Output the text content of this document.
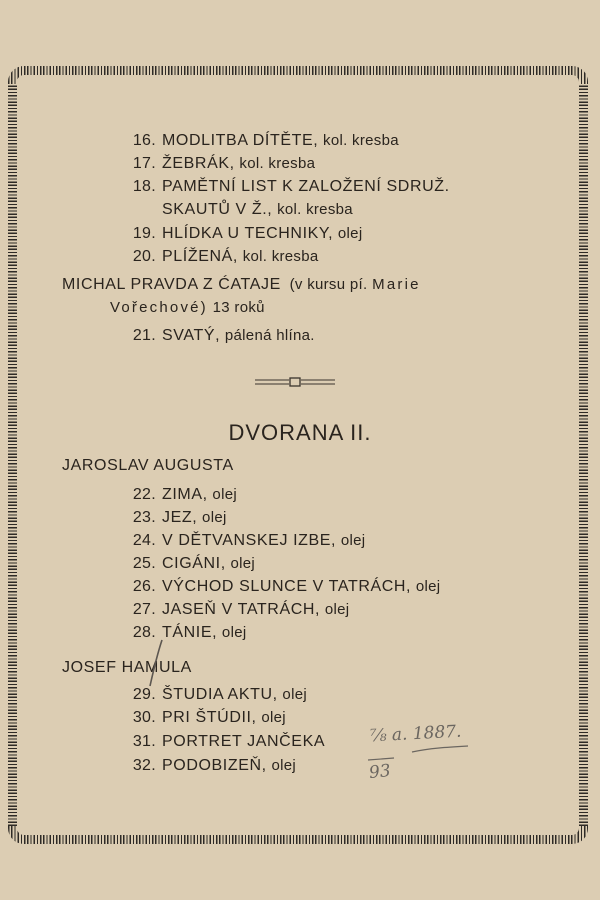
16. MODLITBA DÍTĚTE, kol. kresba
17. ŽEBRÁK, kol. kresba
18. PAMĚTNÍ LIST K ZALOŽENÍ SDRUŽ.
SKAUTŮ V Ž., kol. kresba
19. HLÍDKA U TECHNIKY, olej
20. PLÍŽENÁ, kol. kresba
MICHAL PRAVDA Z ĆATAJE (v kursu pí. Marie
Vořechové) 13 roků
21. SVATÝ, pálená hlína.
DVORANA II.
JAROSLAV AUGUSTA
22. ZIMA, olej
23. JEZ, olej
24. V DĚTVANSKEJ IZBE, olej
25. CIGÁNI, olej
26. VÝCHOD SLUNCE V TATRÁCH, olej
27. JASEŇ V TATRÁCH, olej
28. TÁNIE, olej
JOSEF HAMULA
29. ŠTUDIA AKTU, olej
30. PRI ŠTÚDII, olej
31. PORTRET JANČEKA
32. PODOBIZEŇ, olej
⅞ a. 1887.
93
